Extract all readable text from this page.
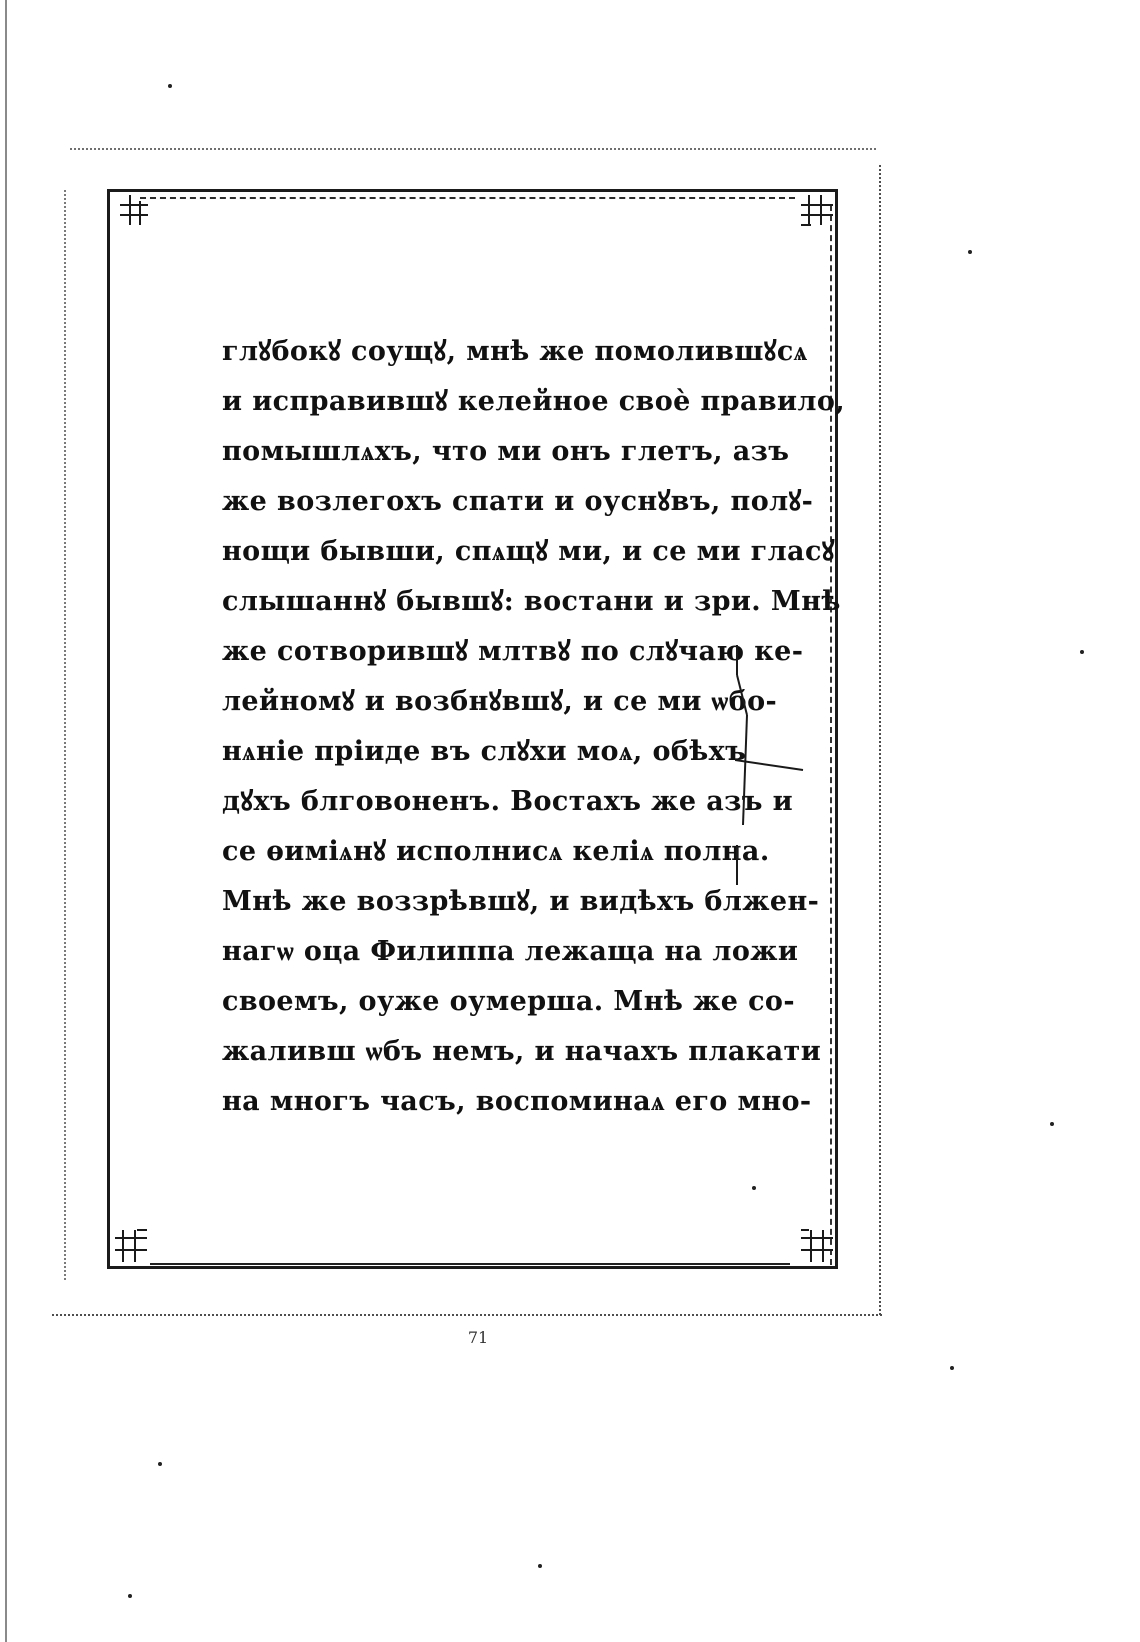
глꙋбокꙋ соущꙋ, мнѣ же помолившꙋсѧ
и исправившꙋ келейное своѐ правило,
помышлѧхъ, что ми онъ глетъ, азъ
же возлегохъ спати и оуснꙋвъ, полꙋ-
нощи бывши, спѧщꙋ ми, и се ми гласꙋ
слышаннꙋ бывшꙋ: востани и зри. Мнѣ
же сотворившꙋ млтвꙋ по слꙋчаю ке-
лейномꙋ и возбнꙋвшꙋ, и се ми ѡбо-
нѧніе пріиде въ слꙋхи моѧ, обѣхъ
дꙋхъ блговоненъ. Востахъ же азъ и
се ѳиміѧнꙋ исполнисѧ келіѧ полна.
Мнѣ же воззрѣвшꙋ, и видѣхъ блжен-
нагѡ оца Филиппа лежаща на ложи
своемъ, оуже оумерша. Мнѣ же со-
жаливш ѡбъ немъ, и начахъ плакати
на многъ часъ, воспоминаѧ его мно-
71
